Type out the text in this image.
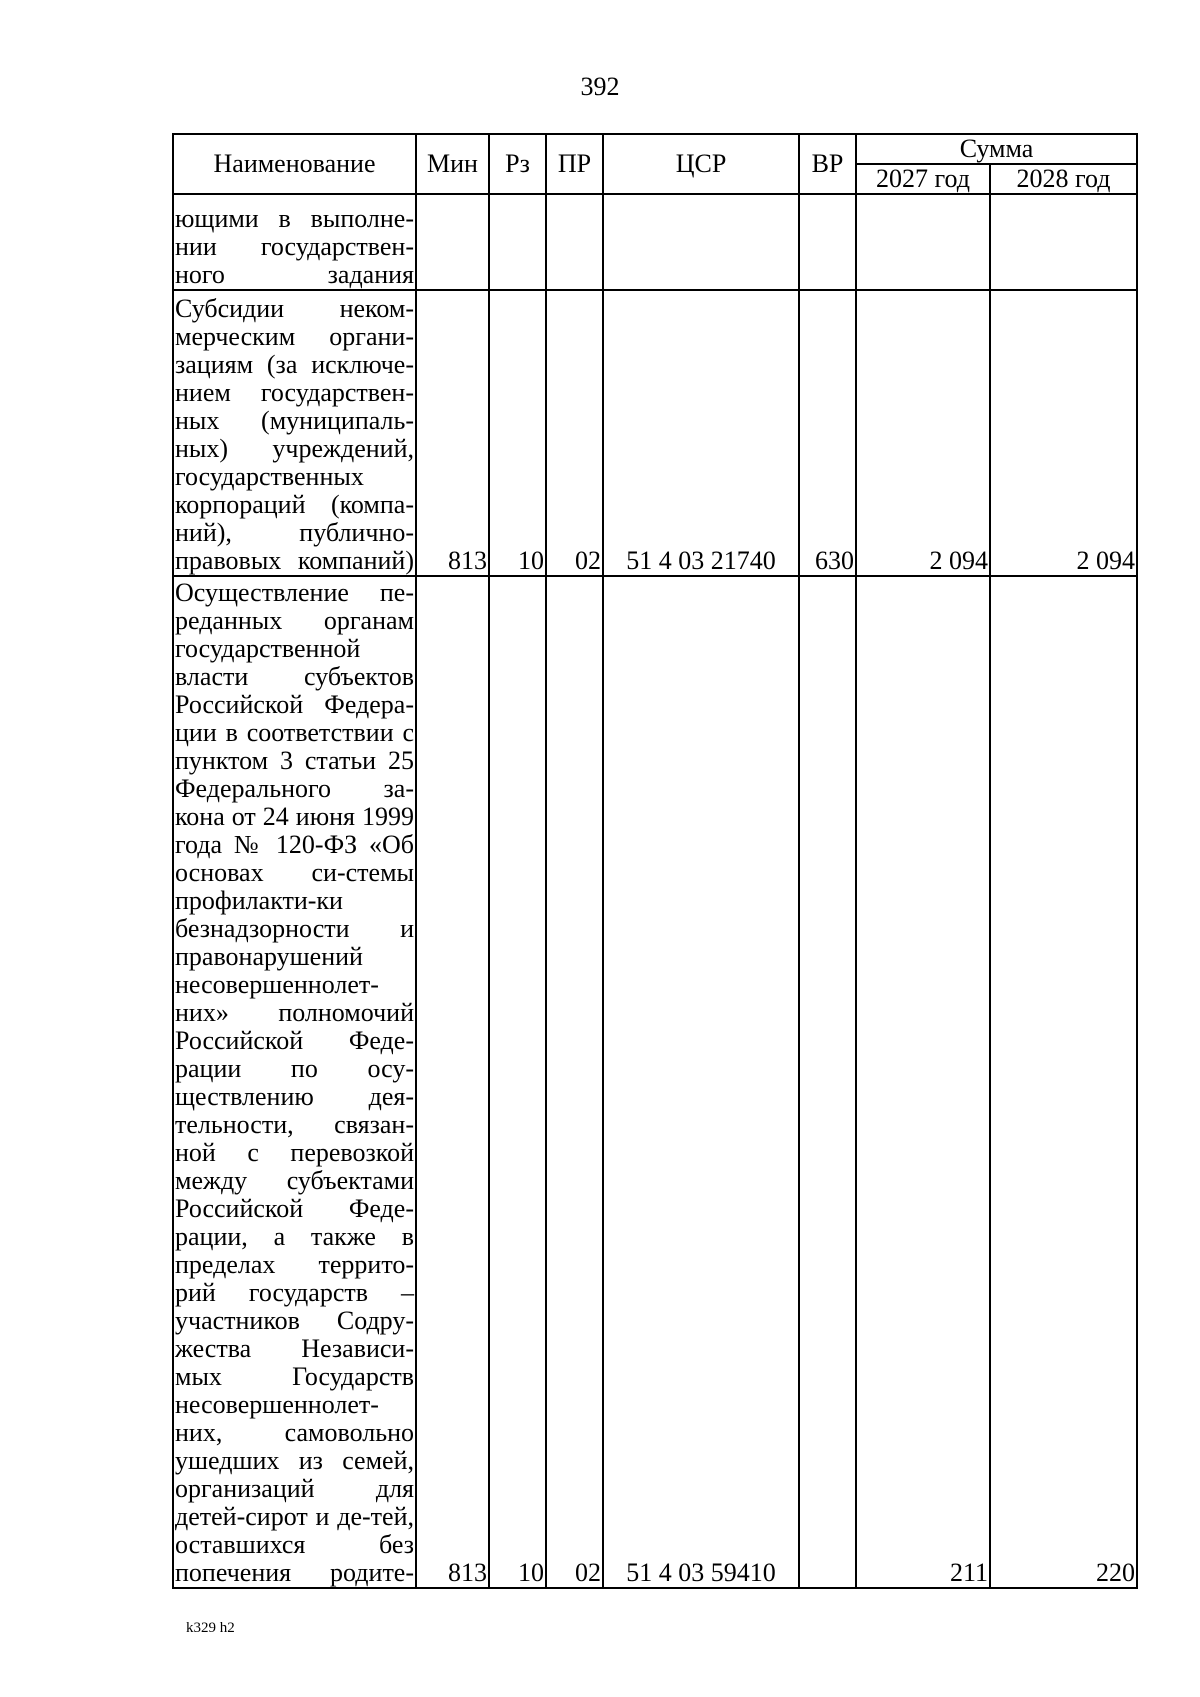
392
Наименование	Мин	Рз	ПР	ЦСР	ВР	Сумма	
						2027 год	2028 год
ющими в выполне-нии государствен-ного задания							
Субсидии неком-мерческим органи-зациям (за исключе-нием государствен-ных (муниципаль-ных) учреждений, государственных корпораций (компа-ний), публично-правовых компаний)	813	10	02	51 4 03 21740	630	2 094	2 094
Осуществление пе-реданных органам государственной власти субъектов Российской Федера-ции в соответствии с пунктом 3 статьи 25 Федерального за-кона от 24 июня 1999 года № 120-ФЗ «Об основах си-стемы профилакти-ки безнадзорности и правонарушений несовершеннолет-них» полномочий Российской Феде-рации по осу-ществлению дея-тельности, связан-ной с перевозкой между субъектами Российской Феде-рации, а также в пределах террито-рий государств – участников Содру-жества Независи-мых Государств несовершеннолет-них, самовольно ушедших из семей, организаций для детей-сирот и де-тей, оставшихся без попечения родите-	813	10	02	51 4 03 59410		211	220
k329 h2
